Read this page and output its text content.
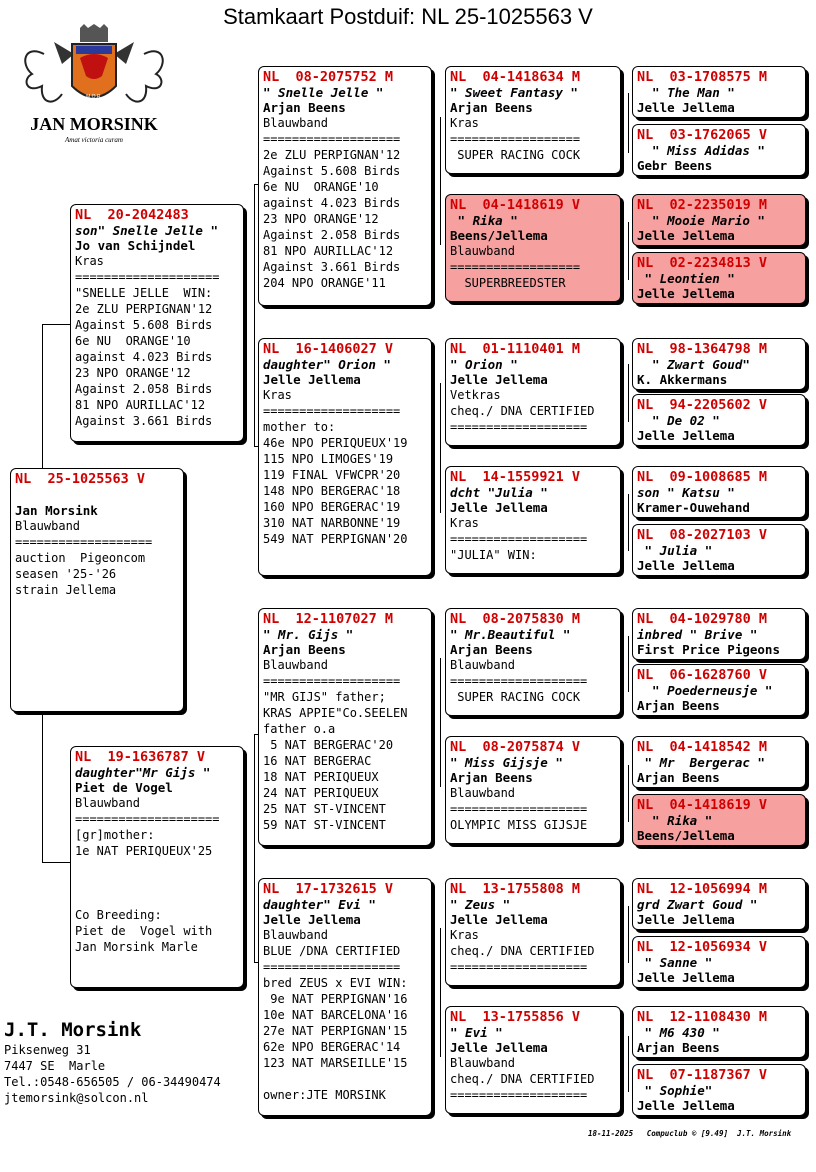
Stamkaart Postduif: NL 25-1025563 V
M.O.R.
JAN MORSINK
Amat victoria curam
NL  25-1025563 V

Jan Morsink
Blauwband
===================
auction  Pigeoncom
seasen '25-'26
strain Jellema
NL  20-2042483
son" Snelle Jelle "
Jo van Schijndel
Kras
====================
"SNELLE JELLE  WIN:
2e ZLU PERPIGNAN'12
Against 5.608 Birds
6e NU  ORANGE'10
against 4.023 Birds
23 NPO ORANGE'12
Against 2.058 Birds
81 NPO AURILLAC'12
Against 3.661 Birds
NL  19-1636787 V
daughter"Mr Gijs "
Piet de Vogel
Blauwband
====================
[gr]mother:
1e NAT PERIQUEUX'25

Co Breeding:
Piet de  Vogel with
Jan Morsink Marle
NL  08-2075752 M
" Snelle Jelle "
Arjan Beens
Blauwband
===================
2e ZLU PERPIGNAN'12
Against 5.608 Birds
6e NU  ORANGE'10
against 4.023 Birds
23 NPO ORANGE'12
Against 2.058 Birds
81 NPO AURILLAC'12
Against 3.661 Birds
204 NPO ORANGE'11
NL  16-1406027 V
daughter" Orion "
Jelle Jellema
Kras
===================
mother to:
46e NPO PERIQUEUX'19
115 NPO LIMOGES'19
119 FINAL VFWCPR'20
148 NPO BERGERAC'18
160 NPO BERGERAC'19
310 NAT NARBONNE'19
549 NAT PERPIGNAN'20
NL  12-1107027 M
" Mr. Gijs "
Arjan Beens
Blauwband
===================
"MR GIJS" father;
KRAS APPIE"Co.SEELEN
father o.a
5 NAT BERGERAC'20
16 NAT BERGERAC
18 NAT PERIQUEUX
24 NAT PERIQUEUX
25 NAT ST-VINCENT
59 NAT ST-VINCENT
NL  17-1732615 V
daughter" Evi "
Jelle Jellema
Blauwband
BLUE /DNA CERTIFIED
===================
bred ZEUS x EVI WIN:
9e NAT PERPIGNAN'16
10e NAT BARCELONA'16
27e NAT PERPIGNAN'15
62e NPO BERGERAC'14
123 NAT MARSEILLE'15

owner:JTE MORSINK
NL  04-1418634 M
" Sweet Fantasy "
Arjan Beens
Kras
==================
SUPER RACING COCK
NL  04-1418619 V
" Rika "
Beens/Jellema
Blauwband
==================
SUPERBREEDSTER
NL  01-1110401 M
" Orion "
Jelle Jellema
Vetkras
cheq./ DNA CERTIFIED
===================
NL  14-1559921 V
dcht "Julia "
Jelle Jellema
Kras
===================
"JULIA" WIN:
NL  08-2075830 M
" Mr.Beautiful "
Arjan Beens
Blauwband
===================
SUPER RACING COCK
NL  08-2075874 V
" Miss Gijsje "
Arjan Beens
Blauwband
===================
OLYMPIC MISS GIJSJE
NL  13-1755808 M
" Zeus "
Jelle Jellema
Kras
cheq./ DNA CERTIFIED
===================
NL  13-1755856 V
" Evi "
Jelle Jellema
Blauwband
cheq./ DNA CERTIFIED
===================
NL  03-1708575 M
" The Man "
Jelle Jellema
NL  03-1762065 V
" Miss Adidas "
Gebr Beens
NL  02-2235019 M
" Mooie Mario "
Jelle Jellema
NL  02-2234813 V
" Leontien "
Jelle Jellema
NL  98-1364798 M
" Zwart Goud"
K. Akkermans
NL  94-2205602 V
" De 02 "
Jelle Jellema
NL  09-1008685 M
son " Katsu "
Kramer-Ouwehand
NL  08-2027103 V
" Julia "
Jelle Jellema
NL  04-1029780 M
inbred " Brive "
First Price Pigeons
NL  06-1628760 V
" Poederneusje "
Arjan Beens
NL  04-1418542 M
" Mr  Bergerac "
Arjan Beens
NL  04-1418619 V
" Rika "
Beens/Jellema
NL  12-1056994 M
grd Zwart Goud "
Jelle Jellema
NL  12-1056934 V
" Sanne "
Jelle Jellema
NL  12-1108430 M
" M6 430 "
Arjan Beens
NL  07-1187367 V
" Sophie"
Jelle Jellema
J.T. Morsink
Piksenweg 31
7447 SE  Marle
Tel.:0548-656505 / 06-34490474
jtemorsink@solcon.nl
18-11-2025   Compuclub © [9.49]  J.T. Morsink
